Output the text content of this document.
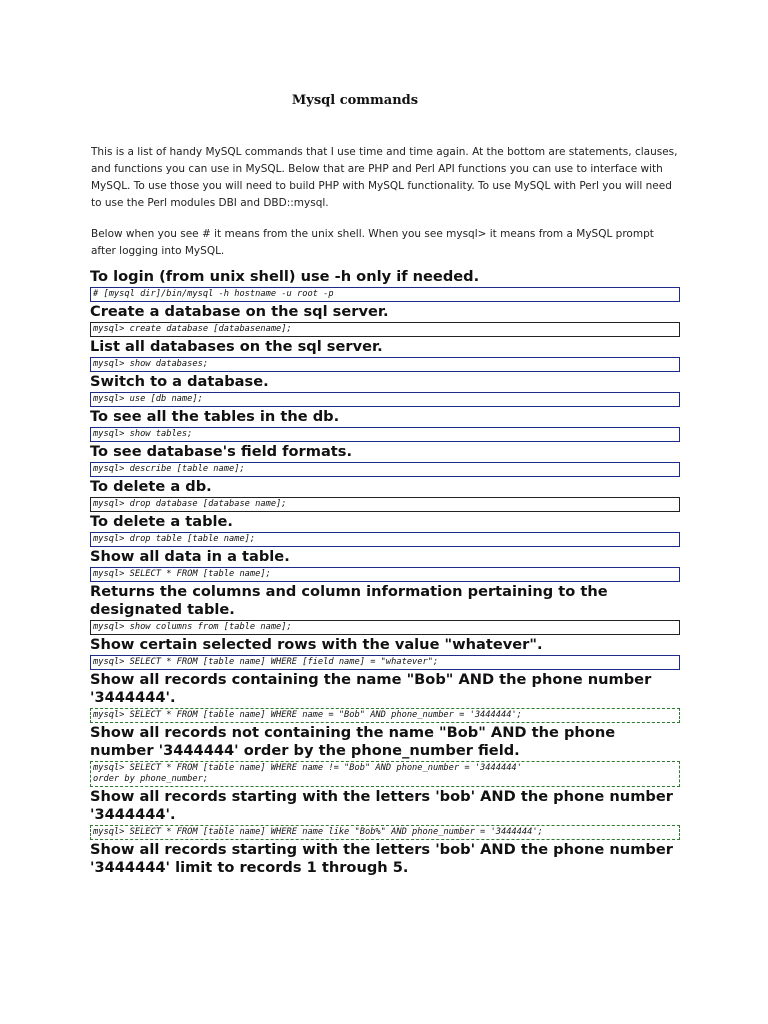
Mysql commands
This is a list of handy MySQL commands that I use time and time again. At the bottom are statements, clauses, and functions you can use in MySQL. Below that are PHP and Perl API functions you can use to interface with MySQL. To use those you will need to build PHP with MySQL functionality. To use MySQL with Perl you will need to use the Perl modules DBI and DBD::mysql.
Below when you see # it means from the unix shell. When you see mysql> it means from a MySQL prompt after logging into MySQL.
To login (from unix shell) use -h only if needed.
# [mysql dir]/bin/mysql -h hostname -u root -p
Create a database on the sql server.
mysql> create database [databasename];
List all databases on the sql server.
mysql> show databases;
Switch to a database.
mysql> use [db name];
To see all the tables in the db.
mysql> show tables;
To see database's field formats.
mysql> describe [table name];
To delete a db.
mysql> drop database [database name];
To delete a table.
mysql> drop table [table name];
Show all data in a table.
mysql> SELECT * FROM [table name];
Returns the columns and column information pertaining to the designated table.
mysql> show columns from [table name];
Show certain selected rows with the value "whatever".
mysql> SELECT * FROM [table name] WHERE [field name] = "whatever";
Show all records containing the name "Bob" AND the phone number '3444444'.
mysql> SELECT * FROM [table name] WHERE name = "Bob" AND phone_number = '3444444';
Show all records not containing the name "Bob" AND the phone number '3444444' order by the phone_number field.
mysql> SELECT * FROM [table name] WHERE name != "Bob" AND phone_number = '3444444'
order by phone_number;
Show all records starting with the letters 'bob' AND the phone number '3444444'.
mysql> SELECT * FROM [table name] WHERE name like "Bob%" AND phone_number = '3444444';
Show all records starting with the letters 'bob' AND the phone number '3444444' limit to records 1 through 5.
